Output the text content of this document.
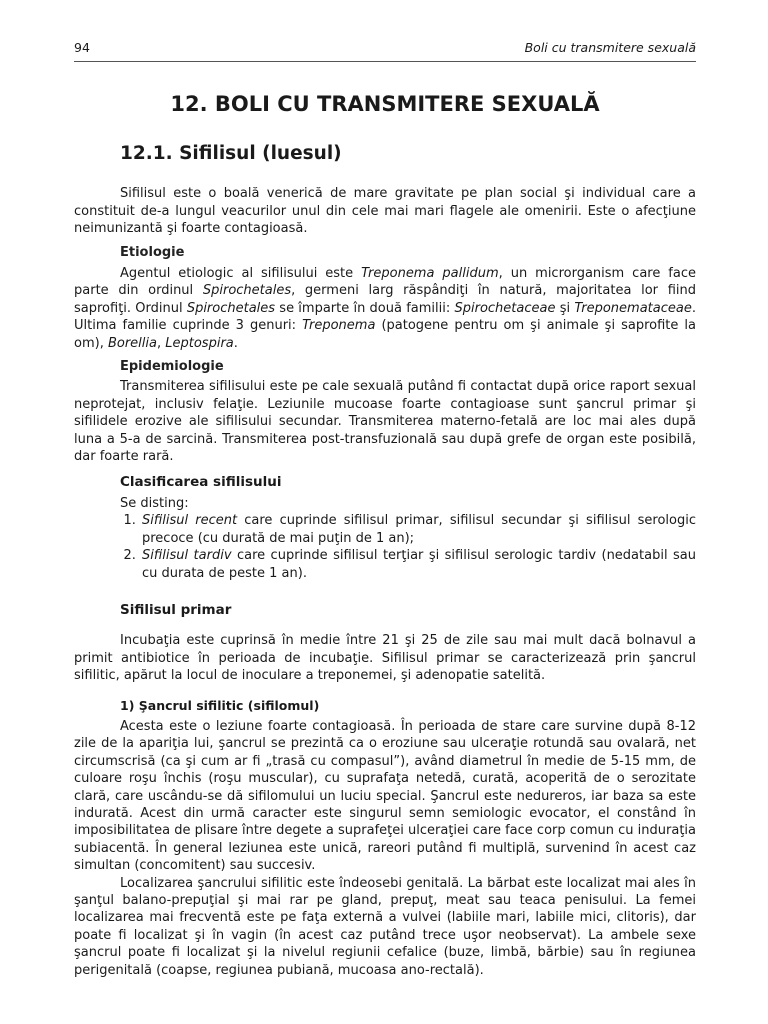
94	Boli cu transmitere sexuală
12. BOLI CU TRANSMITERE SEXUALĂ
12.1. Sifilisul (luesul)

Sifilisul este o boală venerică de mare gravitate pe plan social şi individual care a constituit de-a lungul veacurilor unul din cele mai mari flagele ale omenirii. Este o afecţiune neimunizantă şi foarte contagioasă.

Etiologie

Agentul etiologic al sifilisului este Treponema pallidum, un microrganism care face parte din ordinul Spirochetales, germeni larg răspândiţi în natură, majoritatea lor fiind saprofiţi. Ordinul Spirochetales se împarte în două familii: Spirochetaceae şi Treponemataceae. Ultima familie cuprinde 3 genuri: Treponema (patogene pentru om şi animale şi saprofite la om), Borellia, Leptospira.

Epidemiologie

Transmiterea sifilisului este pe cale sexuală putând fi contactat după orice raport sexual neprotejat, inclusiv felaţie. Leziunile mucoase foarte contagioase sunt şancrul primar şi sifilidele erozive ale sifilisului secundar. Transmiterea materno-fetală are loc mai ales după luna a 5-a de sarcină. Transmiterea post-transfuzională sau după grefe de organ este posibilă, dar foarte rară.

Clasificarea sifilisului

Se disting:

1. Sifilisul recent care cuprinde sifilisul primar, sifilisul secundar şi sifilisul serologic precoce (cu durată de mai puţin de 1 an);
2. Sifilisul tardiv care cuprinde sifilisul terţiar şi sifilisul serologic tardiv (nedatabil sau cu durata de peste 1 an).
Sifilisul primar

Incubaţia este cuprinsă în medie între 21 şi 25 de zile sau mai mult dacă bolnavul a primit antibiotice în perioada de incubaţie. Sifilisul primar se caracterizează prin şancrul sifilitic, apărut la locul de inoculare a treponemei, şi adenopatie satelită.

1) Şancrul sifilitic (sifilomul)

Acesta este o leziune foarte contagioasă. În perioada de stare care survine după 8-12 zile de la apariţia lui, şancrul se prezintă ca o eroziune sau ulceraţie rotundă sau ovalară, net circumscrisă (ca şi cum ar fi „trasă cu compasul”), având diametrul în medie de 5-15 mm, de culoare roşu închis (roşu muscular), cu suprafaţa netedă, curată, acoperită de o serozitate clară, care uscându-se dă sifilomului un luciu special. Şancrul este nedureros, iar baza sa este indurată. Acest din urmă caracter este singurul semn semiologic evocator, el constând în imposibilitatea de plisare între degete a suprafeţei ulceraţiei care face corp comun cu induraţia subiacentă. În general leziunea este unică, rareori putând fi multiplă, survenind în acest caz simultan (concomitent) sau succesiv.

Localizarea şancrului sifilitic este îndeosebi genitală. La bărbat este localizat mai ales în şanţul balano-prepuţial şi mai rar pe gland, prepuţ, meat sau teaca penisului. La femei localizarea mai frecventă este pe faţa externă a vulvei (labiile mari, labiile mici, clitoris), dar poate fi localizat şi în vagin (în acest caz putând trece uşor neobservat). La ambele sexe şancrul poate fi localizat şi la nivelul regiunii cefalice (buze, limbă, bărbie) sau în regiunea perigenitală (coapse, regiunea pubiană, mucoasa ano-rectală).
